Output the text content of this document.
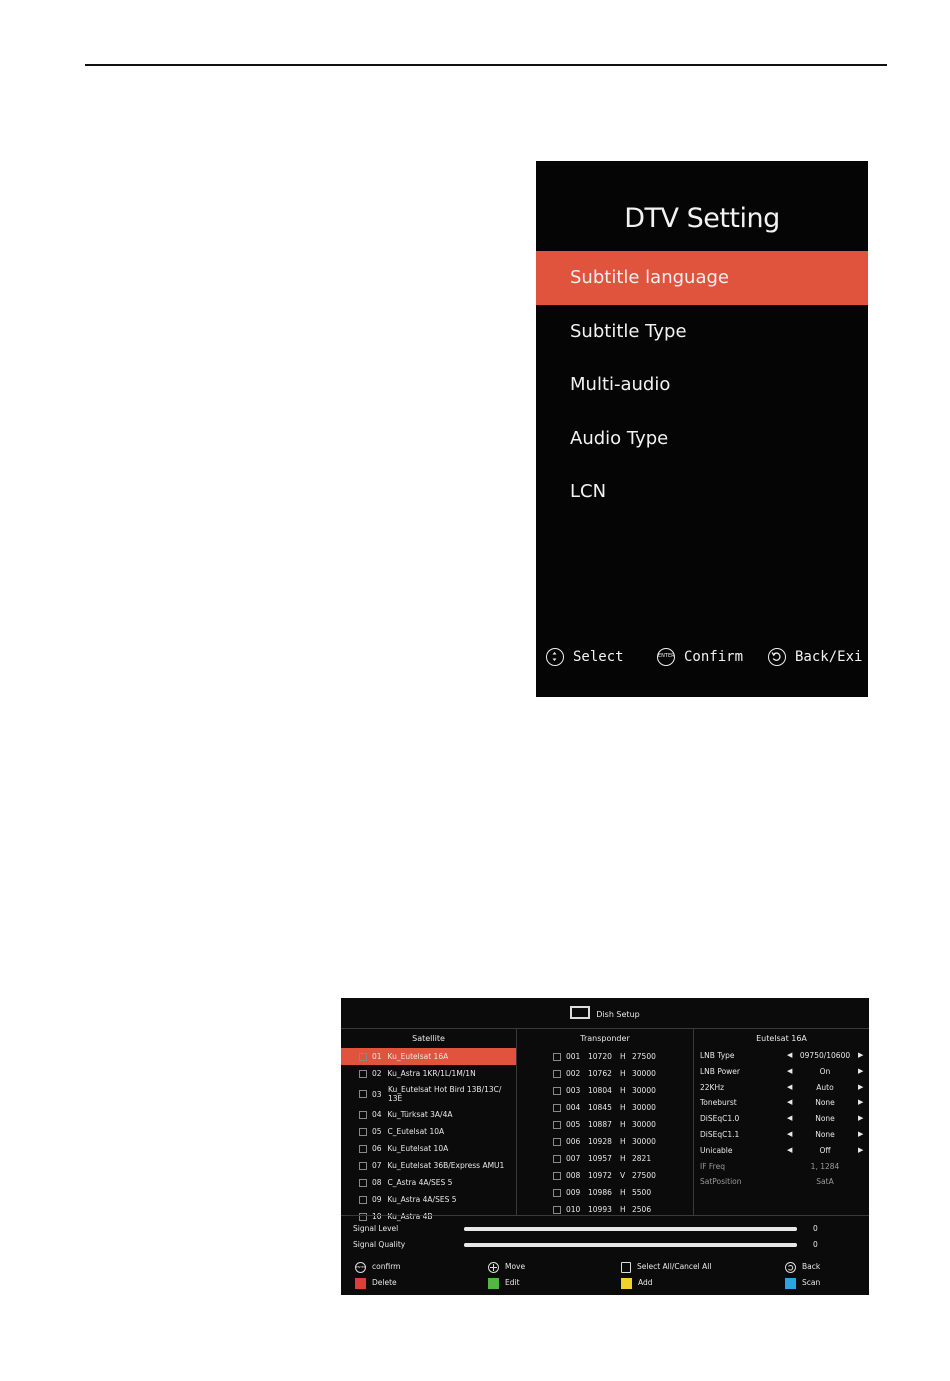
DTV Setting
Subtitle language
Subtitle Type
Multi-audio
Audio Type
LCN
Select	ENTER Confirm	Back/Exi
Dish Setup
Satellite
01 Ku_Eutelsat 16A
02 Ku_Astra 1KR/1L/1M/1N
03
Ku_Eutelsat Hot Bird 13B/13C/ 13E
04 Ku_Türksat 3A/4A
05 C_Eutelsat 10A
06 Ku_Eutelsat 10A
07 Ku_Eutelsat 36B/Express AMU1
08 C_Astra 4A/SES 5
09 Ku_Astra 4A/SES 5
10 Ku_Astra 4B
Transponder
001 10720 H 27500
002 10762 H 30000
003 10804 H 30000
004 10845 H 30000
005 10887 H 30000
006 10928 H 30000
007 10957 H 2821
008 10972 V 27500
009 10986 H 5500
010 10993 H 2506
Eutelsat 16A
LNB Type	◀ 09750/10600	▶
LNB Power	◀	On	▶
22KHz	◀	Auto	▶
Toneburst	◀	None	▶
DiSEqC1.0	◀	None	▶
DiSEqC1.1	◀	None	▶
Unicable	◀	Off	▶
IF Freq	1, 1284
SatPosition	SatA
Signal Level	0
Signal Quality	0
ENTER confirm	Move	Select All/Cancel All	Back
Delete	Edit	Add	Scan
